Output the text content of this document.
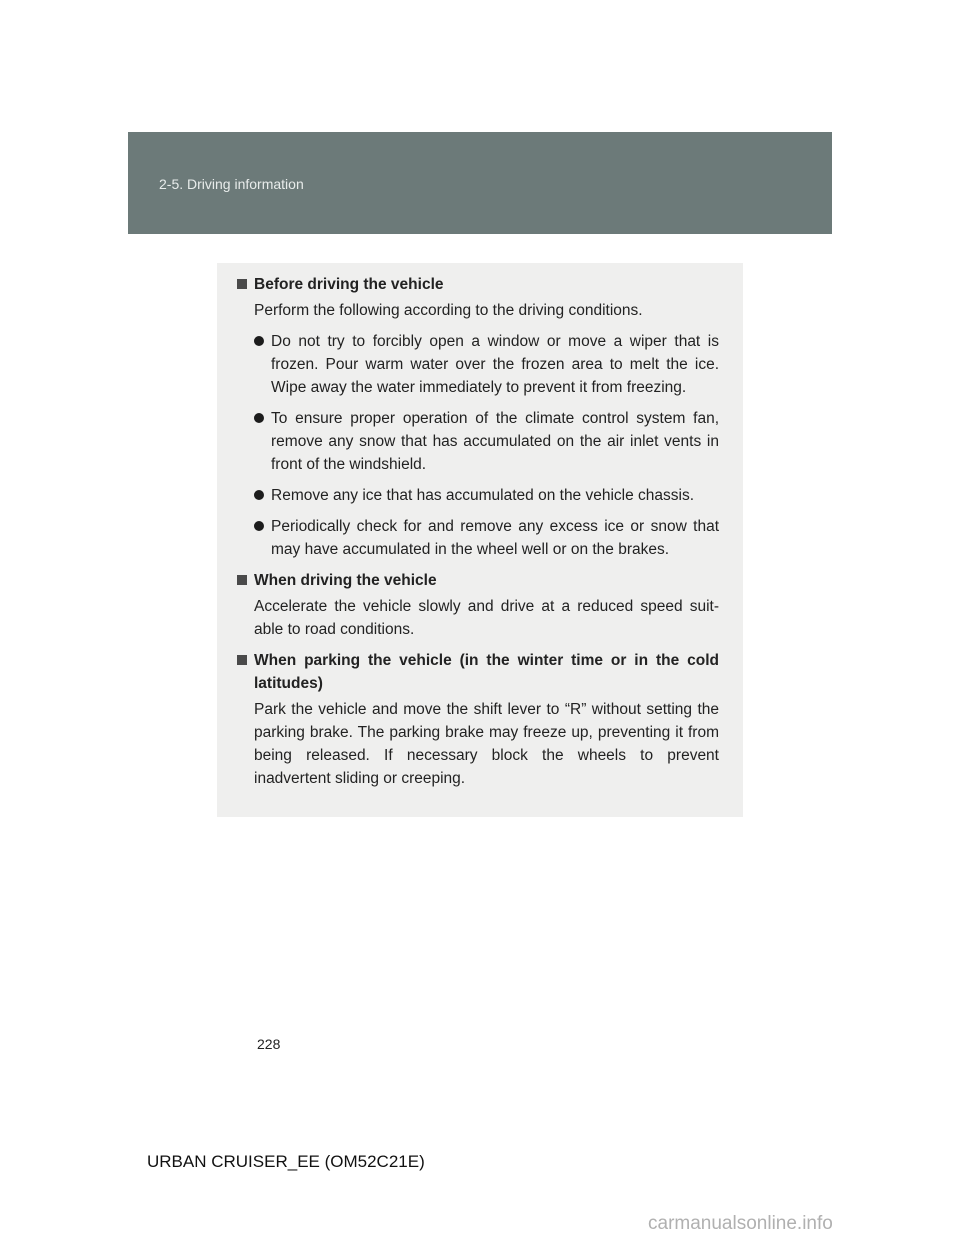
2-5. Driving information
Before driving the vehicle
Perform the following according to the driving conditions.
Do not try to forcibly open a window or move a wiper that is frozen. Pour warm water over the frozen area to melt the ice. Wipe away the water immediately to prevent it from freezing.
To ensure proper operation of the climate control system fan, remove any snow that has accumulated on the air inlet vents in front of the windshield.
Remove any ice that has accumulated on the vehicle chassis.
Periodically check for and remove any excess ice or snow that may have accumulated in the wheel well or on the brakes.
When driving the vehicle
Accelerate the vehicle slowly and drive at a reduced speed suit-able to road conditions.
When parking the vehicle (in the winter time or in the cold latitudes)
Park the vehicle and move the shift lever to “R” without setting the parking brake. The parking brake may freeze up, preventing it from being released. If necessary block the wheels to prevent inadvertent sliding or creeping.
228
URBAN CRUISER_EE (OM52C21E)
carmanualsonline.info
